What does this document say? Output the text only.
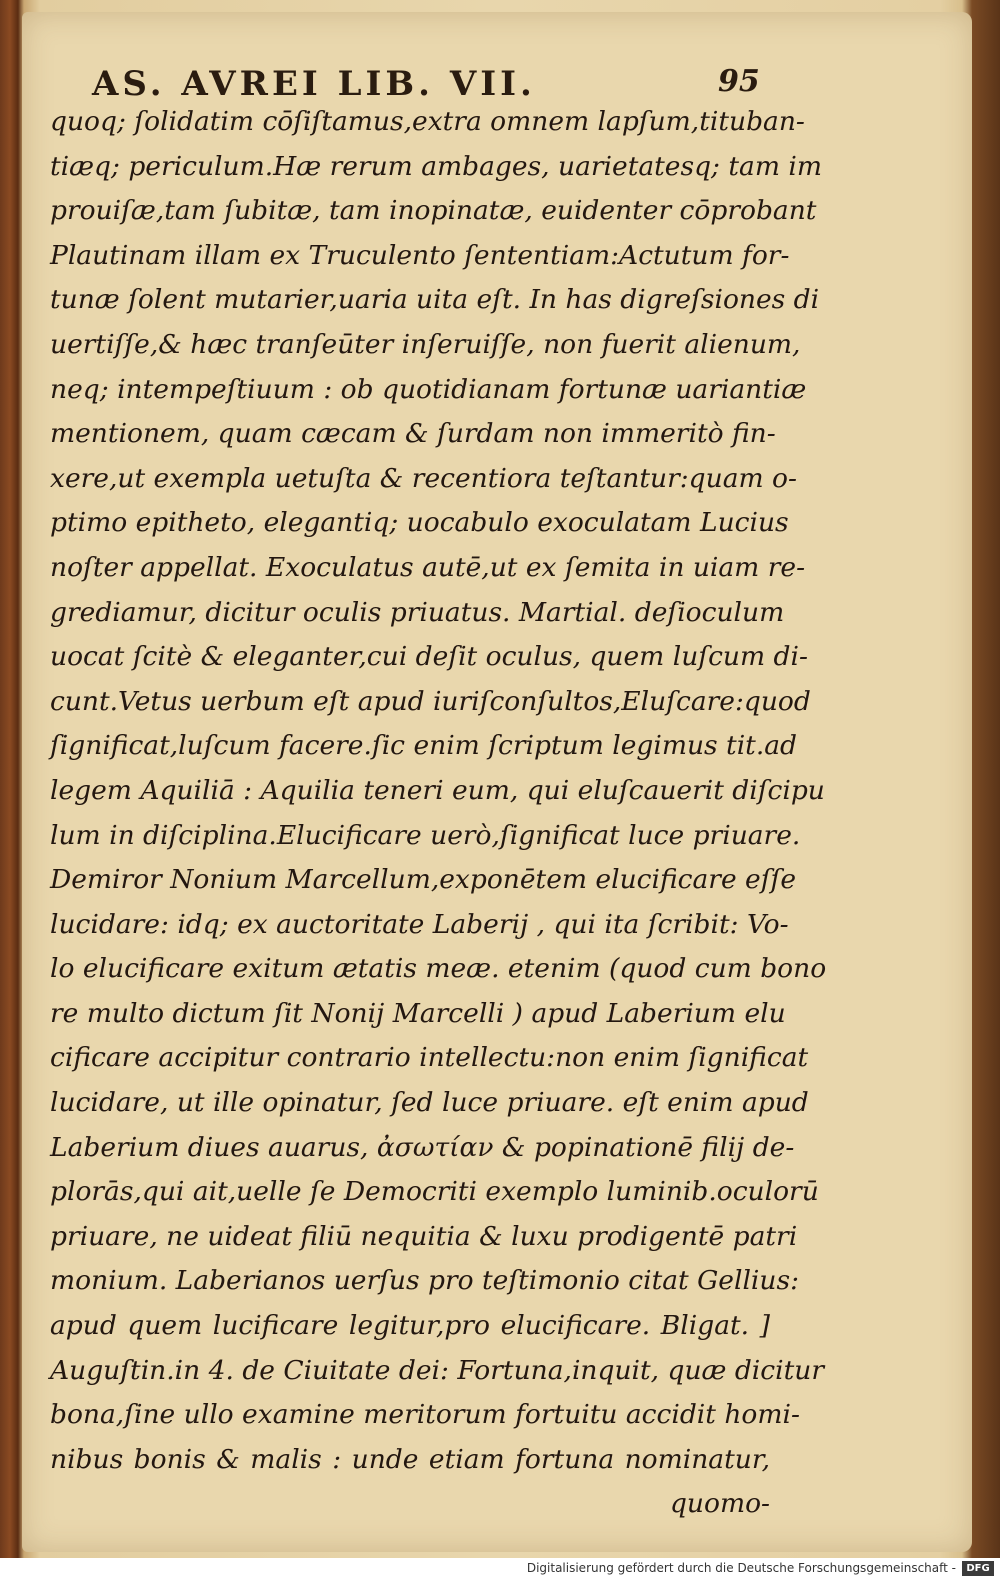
AS. AVREI LIB. VII.	95
quoq; ſolidatim cōſiſtamus,extra omnem lapſum,tituban-
tiæq; periculum.Hæ rerum ambages, uarietatesq; tam im
prouiſæ,tam ſubitæ, tam inopinatæ, euidenter cōprobant
Plautinam illam ex Truculento ſententiam:Actutum for-
tunæ ſolent mutarier,uaria uita eſt. In has digreſsiones di
uertiſſe,& hæc tranſeūter inſeruiſſe, non fuerit alienum,
neq; intempeſtiuum : ob quotidianam fortunæ uariantiæ
mentionem, quam cæcam & ſurdam non immeritò fin-
xere,ut exempla uetuſta & recentiora teſtantur:quam o-
ptimo epitheto, elegantiq; uocabulo exoculatam Lucius
noſter appellat. Exoculatus autē,ut ex ſemita in uiam re-
grediamur, dicitur oculis priuatus. Martial. deſioculum
uocat ſcitè & eleganter,cui deſit oculus, quem luſcum di-
cunt.Vetus uerbum eſt apud iuriſconſultos,Eluſcare:quod
ſignificat,luſcum facere.ſic enim ſcriptum legimus tit.ad
legem Aquiliā : Aquilia teneri eum, qui eluſcauerit diſcipu
lum in diſciplina.Elucificare uerò,ſignificat luce priuare.
Demiror Nonium Marcellum,exponētem elucificare eſſe
lucidare: idq; ex auctoritate Laberij , qui ita ſcribit: Vo-
lo elucificare exitum ætatis meæ. etenim (quod cum bono
re multo dictum ſit Nonij Marcelli ) apud Laberium elu
cificare accipitur contrario intellectu:non enim ſignificat
lucidare, ut ille opinatur, ſed luce priuare. eſt enim apud
Laberium diues auarus, ἀσωτίαν & popinationē filij de-
plorās,qui ait,uelle ſe Democriti exemplo luminib.oculorū
priuare, ne uideat filiū nequitia & luxu prodigentē patri
monium. Laberianos uerſus pro teſtimonio citat Gellius:
apud quem lucificare legitur,pro elucificare. Bligat. ]
Auguſtin.in 4. de Ciuitate dei: Fortuna,inquit, quæ dicitur
bona,ſine ullo examine meritorum fortuitu accidit homi-
nibus bonis & malis : unde etiam fortuna nominatur,
quomo-
Digitalisierung gefördert durch die Deutsche Forschungsgemeinschaft -	DFG
